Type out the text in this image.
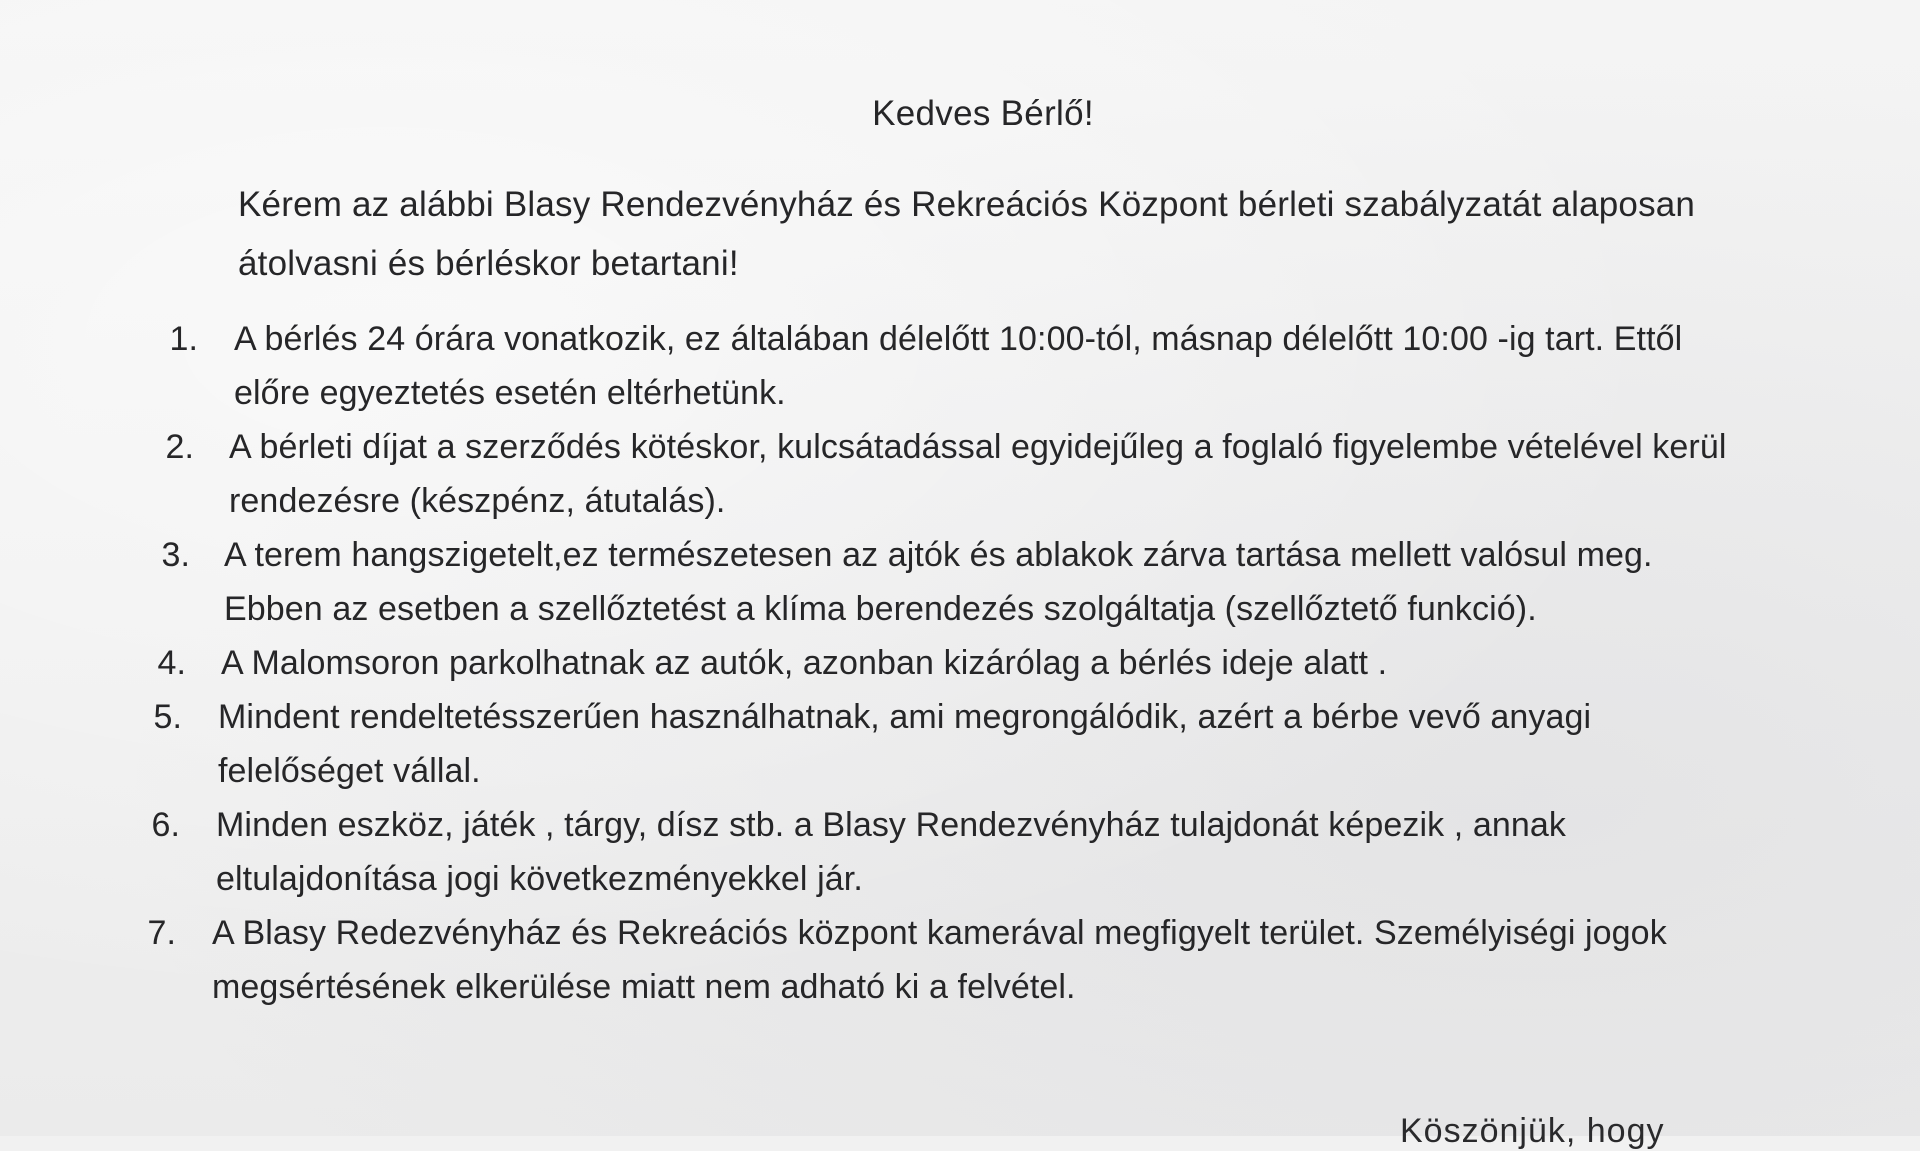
Kedves Bérlő!
Kérem az alábbi Blasy Rendezvényház és Rekreációs Központ bérleti szabályzatát alaposan átolvasni és bérléskor betartani!
1. A bérlés 24 órára vonatkozik, ez általában délelőtt 10:00-tól, másnap délelőtt 10:00 -ig tart. Ettől előre egyeztetés esetén eltérhetünk.
2. A bérleti díjat a szerződés kötéskor, kulcsátadással egyidejűleg a foglaló figyelembe vételével kerül rendezésre (készpénz, átutalás).
3. A terem hangszigetelt,ez természetesen az ajtók és ablakok zárva tartása mellett valósul meg. Ebben az esetben a szellőztetést a klíma berendezés szolgáltatja (szellőztető funkció).
4. A Malomsoron parkolhatnak az autók, azonban kizárólag a bérlés ideje alatt .
5. Mindent rendeltetésszerűen használhatnak, ami megrongálódik, azért a bérbe vevő anyagi felelőséget vállal.
6. Minden eszköz, játék , tárgy, dísz stb. a Blasy Rendezvényház tulajdonát képezik , annak eltulajdonítása jogi következményekkel jár.
7. A Blasy Redezvényház és Rekreációs központ kamerával megfigyelt terület. Személyiségi jogok megsértésének elkerülése miatt nem adható ki a felvétel.
Köszönjük, hogy
